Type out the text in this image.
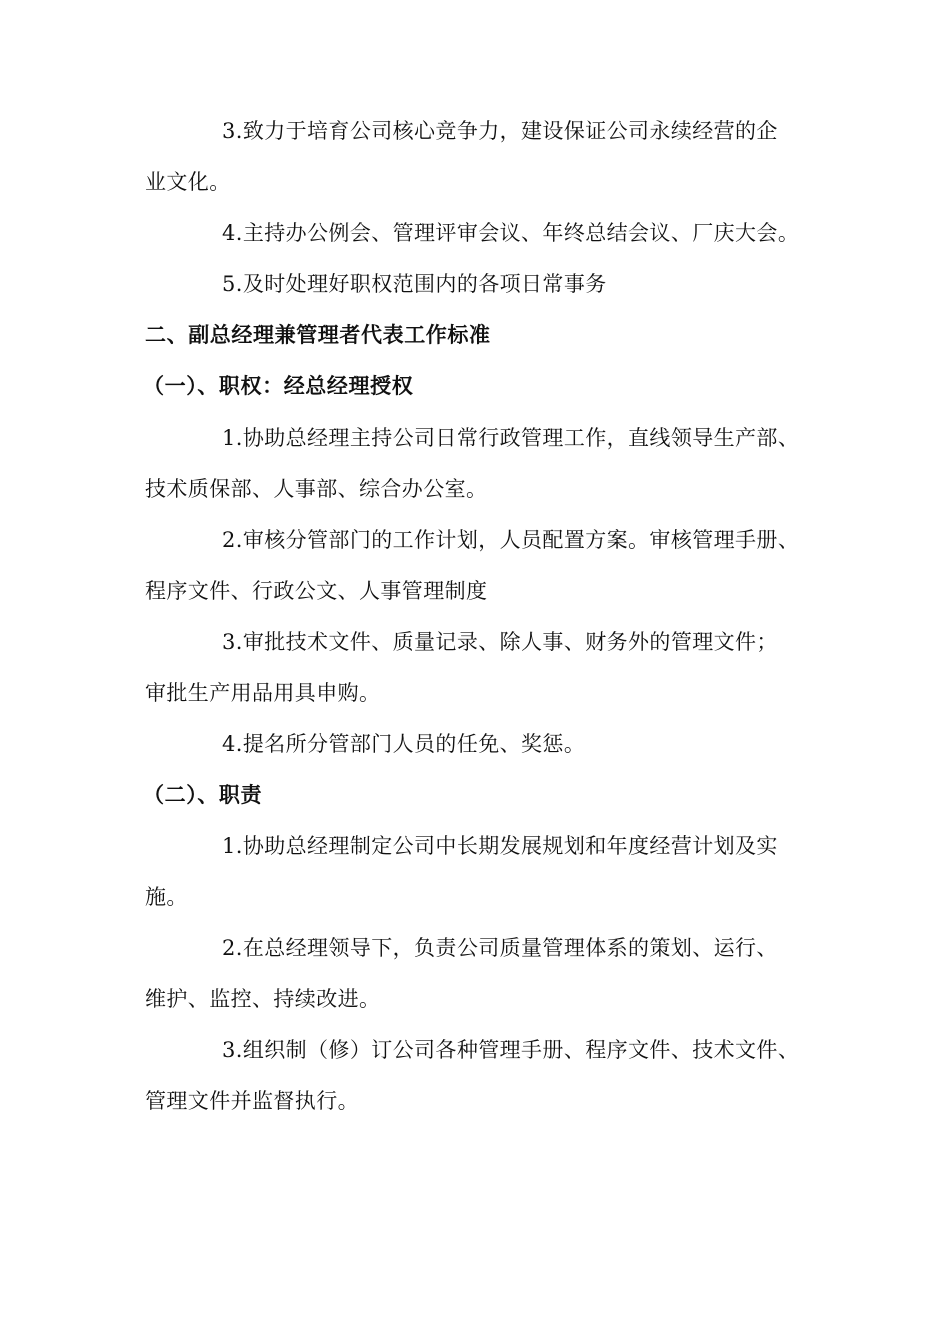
3.致力于培育公司核心竞争力，建设保证公司永续经营的企
业文化。
4.主持办公例会、管理评审会议、年终总结会议、厂庆大会。
5.及时处理好职权范围内的各项日常事务
二、副总经理兼管理者代表工作标准
（一）、职权：经总经理授权
1.协助总经理主持公司日常行政管理工作，直线领导生产部、
技术质保部、人事部、综合办公室。
2.审核分管部门的工作计划，人员配置方案。审核管理手册、
程序文件、行政公文、人事管理制度
3.审批技术文件、质量记录、除人事、财务外的管理文件；
审批生产用品用具申购。
4.提名所分管部门人员的任免、奖惩。
（二）、职责
1.协助总经理制定公司中长期发展规划和年度经营计划及实
施。
2.在总经理领导下，负责公司质量管理体系的策划、运行、
维护、监控、持续改进。
3.组织制（修）订公司各种管理手册、程序文件、技术文件、
管理文件并监督执行。
